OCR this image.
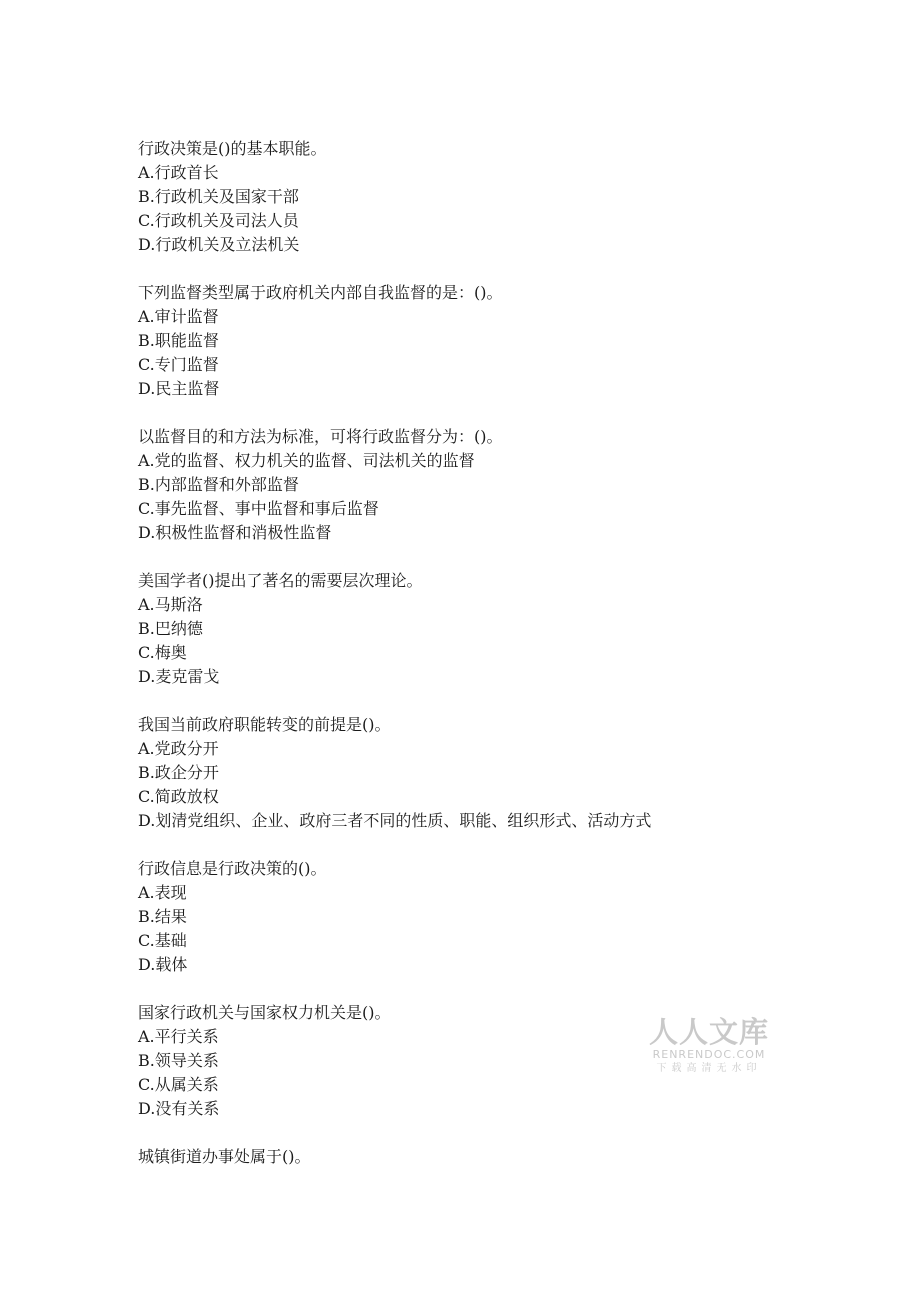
行政决策是()的基本职能。
A.行政首长
B.行政机关及国家干部
C.行政机关及司法人员
D.行政机关及立法机关
下列监督类型属于政府机关内部自我监督的是：()。
A.审计监督
B.职能监督
C.专门监督
D.民主监督
以监督目的和方法为标准，可将行政监督分为：()。
A.党的监督、权力机关的监督、司法机关的监督
B.内部监督和外部监督
C.事先监督、事中监督和事后监督
D.积极性监督和消极性监督
美国学者()提出了著名的需要层次理论。
A.马斯洛
B.巴纳德
C.梅奥
D.麦克雷戈
我国当前政府职能转变的前提是()。
A.党政分开
B.政企分开
C.简政放权
D.划清党组织、企业、政府三者不同的性质、职能、组织形式、活动方式
行政信息是行政决策的()。
A.表现
B.结果
C.基础
D.载体
国家行政机关与国家权力机关是()。
A.平行关系
B.领导关系
C.从属关系
D.没有关系
城镇街道办事处属于()。
人人文库
RENRENDOC.COM
下载高清无水印
